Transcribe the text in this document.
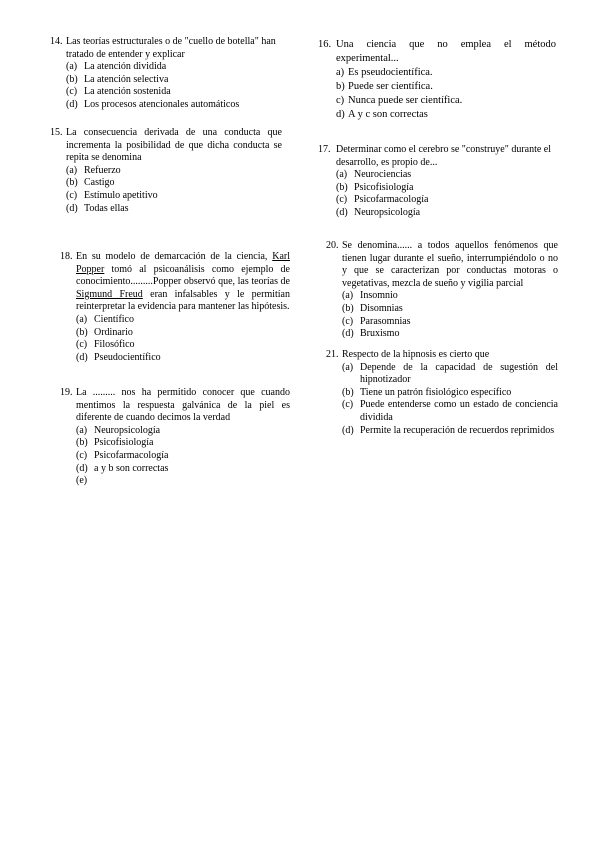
14. Las teorías estructurales o de "cuello de botella" han tratado de entender y explicar
(a) La atención dividida
(b) La atención selectiva
(c) La atención sostenida
(d) Los procesos atencionales automáticos
15. La consecuencia derivada de una conducta que incrementa la posibilidad de que dicha conducta se repita se denomina
(a) Refuerzo
(b) Castigo
(c) Estímulo apetitivo
(d) Todas ellas
16. Una ciencia que no emplea el método experimental...
a) Es pseudocientífica.
b) Puede ser científica.
c) Nunca puede ser científica.
d) A y c son correctas
17. Determinar como el cerebro se "construye" durante el desarrollo, es propio de...
(a) Neurociencias
(b) Psicofisiología
(c) Psicofarmacología
(d) Neuropsicología
18. En su modelo de demarcación de la ciencia, Karl Popper tomó al psicoanálisis como ejemplo de conocimiento.........Popper observó que, las teorías de Sigmund Freud eran infalsables y le permitían reinterpretar la evidencia para mantener las hipótesis.
(a) Científico
(b) Ordinario
(c) Filosófico
(d) Pseudocientífico
19. La ......... nos ha permitido conocer que cuando mentimos la respuesta galvánica de la piel es diferente de cuando decimos la verdad
(a) Neuropsicología
(b) Psicofisiología
(c) Psicofarmacología
(d) a y b son correctas
(e)
20. Se denomina...... a todos aquellos fenómenos que tienen lugar durante el sueño, interrumpiéndolo o no y que se caracterizan por conductas motoras o vegetativas, mezcla de sueño y vigilia parcial
(a) Insomnio
(b) Disomnias
(c) Parasomnias
(d) Bruxismo
21. Respecto de la hipnosis es cierto que
(a) Depende de la capacidad de sugestión del hipnotizador
(b) Tiene un patrón fisiológico específico
(c) Puede entenderse como un estado de conciencia dividida
(d) Permite la recuperación de recuerdos reprimidos
